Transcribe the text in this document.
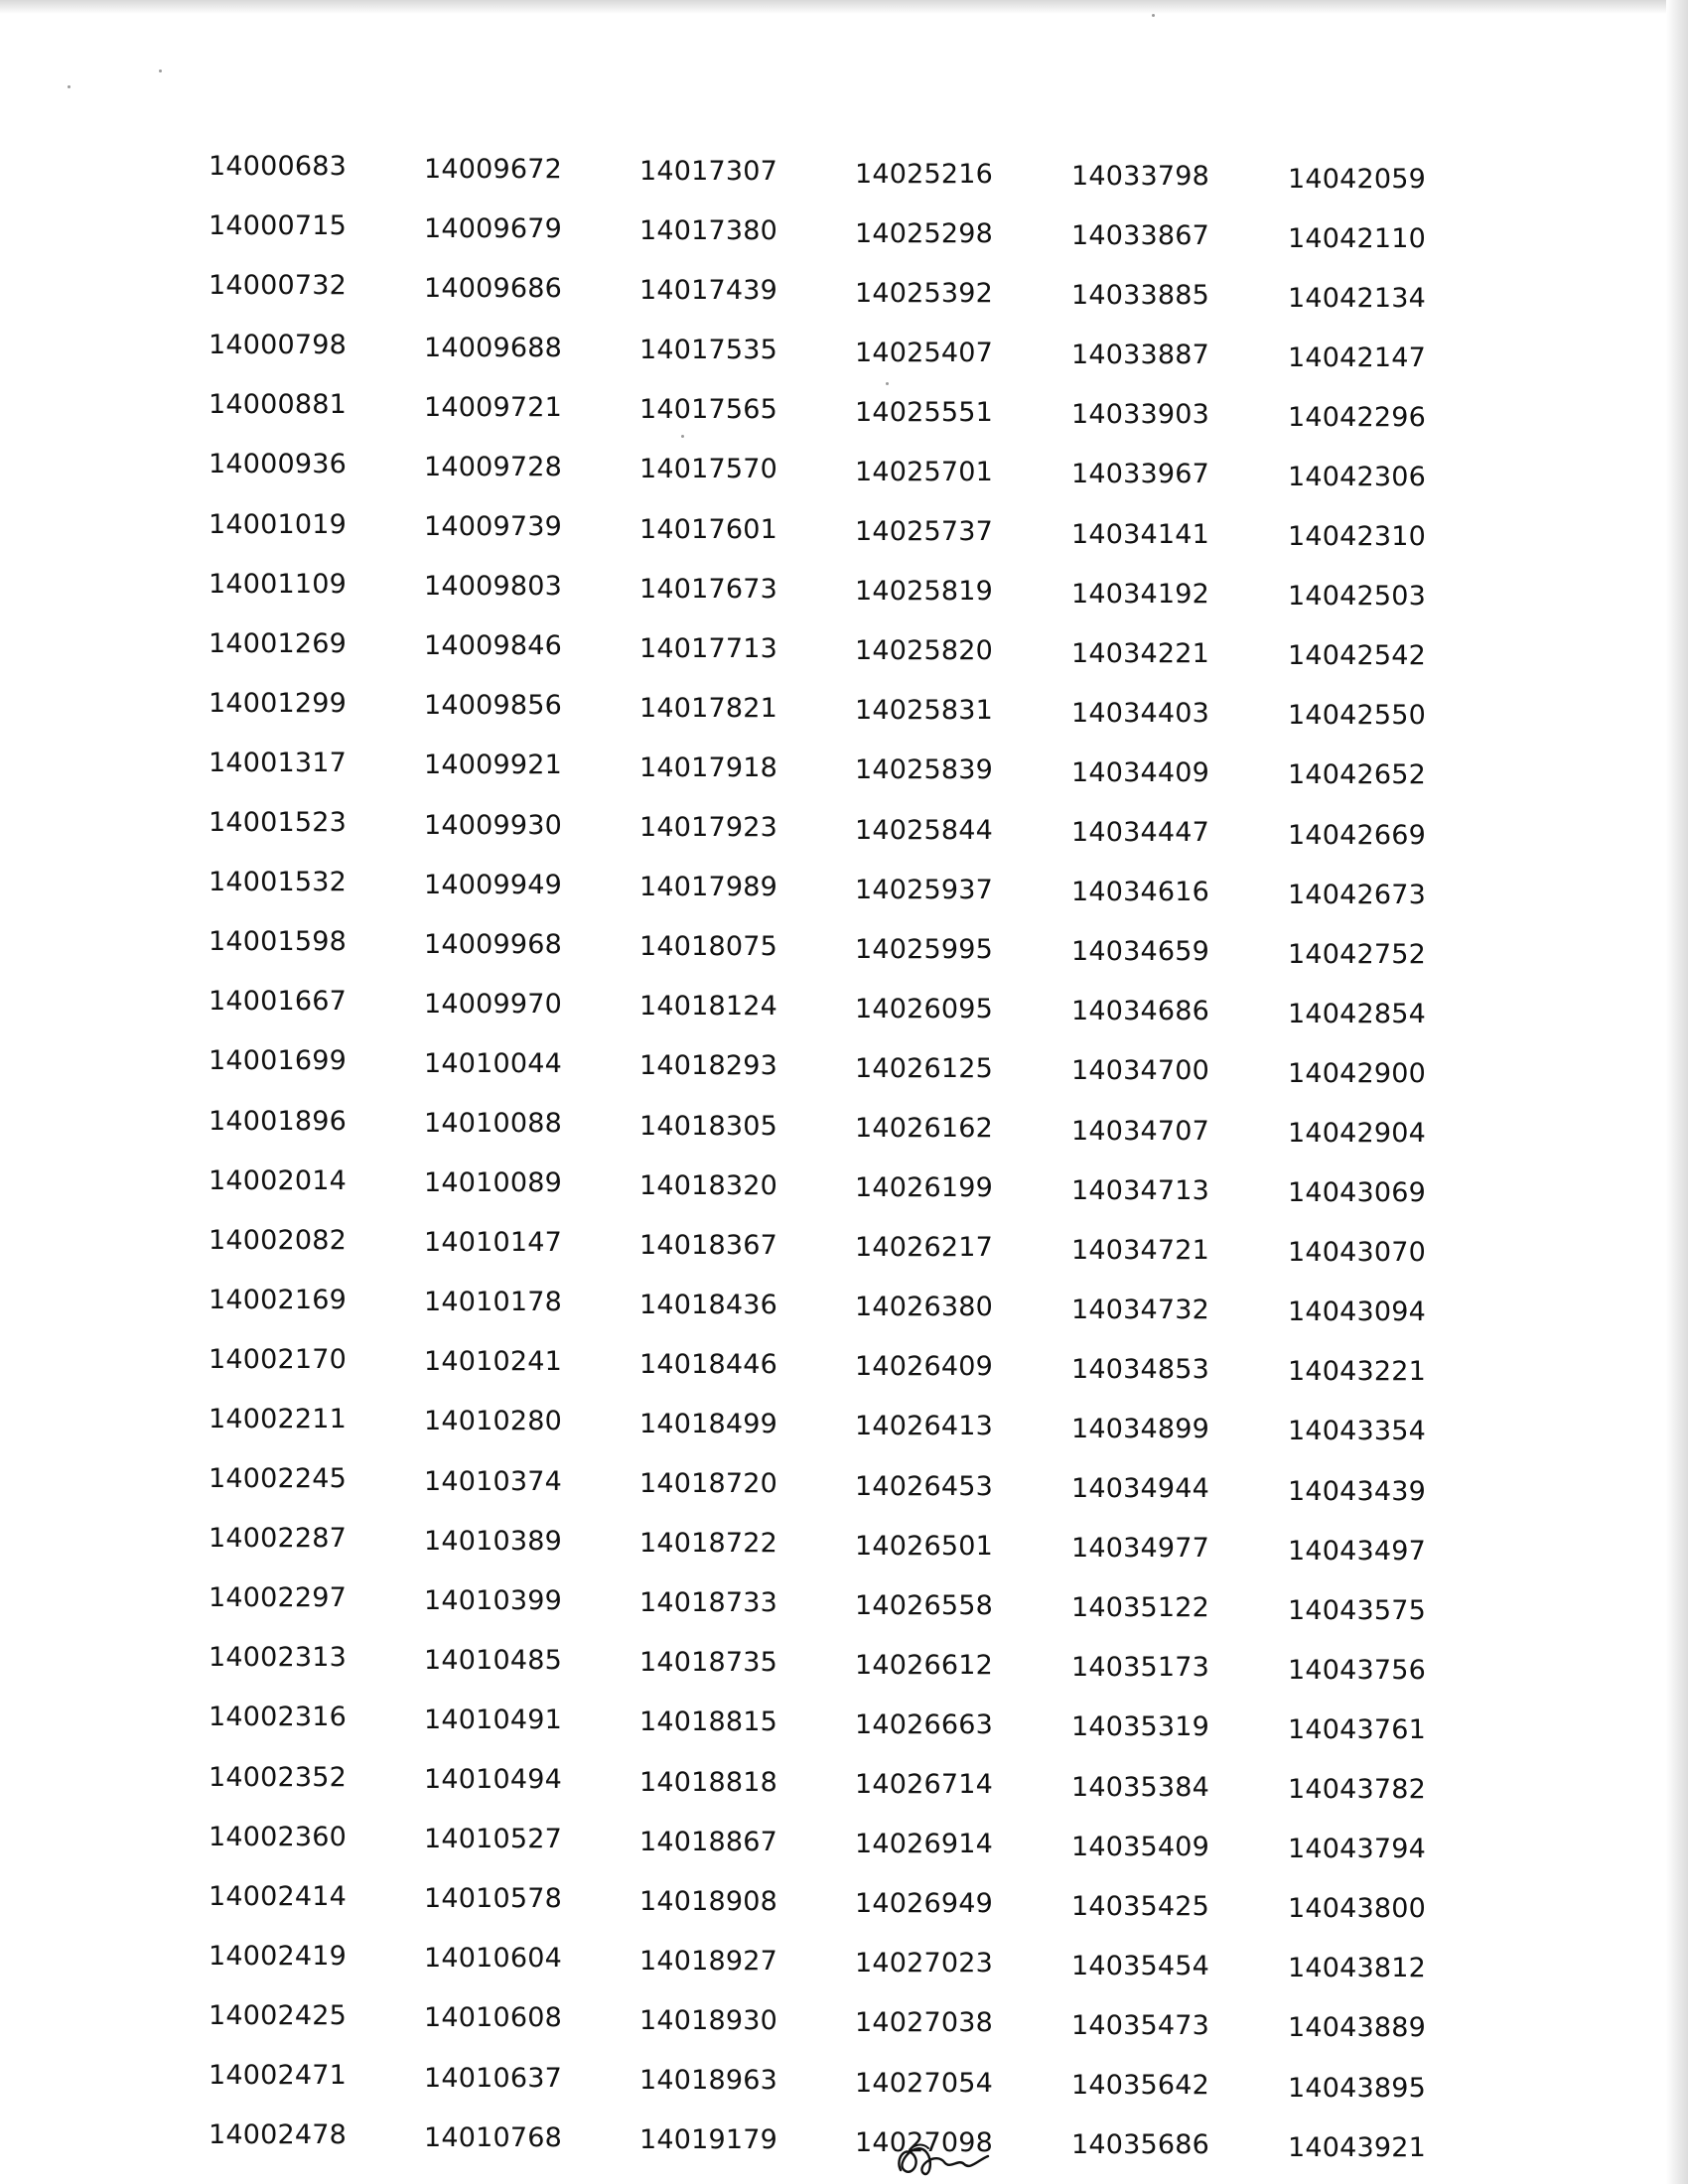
14000683
14000715
14000732
14000798
14000881
14000936
14001019
14001109
14001269
14001299
14001317
14001523
14001532
14001598
14001667
14001699
14001896
14002014
14002082
14002169
14002170
14002211
14002245
14002287
14002297
14002313
14002316
14002352
14002360
14002414
14002419
14002425
14002471
14002478
14009672
14009679
14009686
14009688
14009721
14009728
14009739
14009803
14009846
14009856
14009921
14009930
14009949
14009968
14009970
14010044
14010088
14010089
14010147
14010178
14010241
14010280
14010374
14010389
14010399
14010485
14010491
14010494
14010527
14010578
14010604
14010608
14010637
14010768
14017307
14017380
14017439
14017535
14017565
14017570
14017601
14017673
14017713
14017821
14017918
14017923
14017989
14018075
14018124
14018293
14018305
14018320
14018367
14018436
14018446
14018499
14018720
14018722
14018733
14018735
14018815
14018818
14018867
14018908
14018927
14018930
14018963
14019179
14025216
14025298
14025392
14025407
14025551
14025701
14025737
14025819
14025820
14025831
14025839
14025844
14025937
14025995
14026095
14026125
14026162
14026199
14026217
14026380
14026409
14026413
14026453
14026501
14026558
14026612
14026663
14026714
14026914
14026949
14027023
14027038
14027054
14027098
14033798
14033867
14033885
14033887
14033903
14033967
14034141
14034192
14034221
14034403
14034409
14034447
14034616
14034659
14034686
14034700
14034707
14034713
14034721
14034732
14034853
14034899
14034944
14034977
14035122
14035173
14035319
14035384
14035409
14035425
14035454
14035473
14035642
14035686
14042059
14042110
14042134
14042147
14042296
14042306
14042310
14042503
14042542
14042550
14042652
14042669
14042673
14042752
14042854
14042900
14042904
14043069
14043070
14043094
14043221
14043354
14043439
14043497
14043575
14043756
14043761
14043782
14043794
14043800
14043812
14043889
14043895
14043921
